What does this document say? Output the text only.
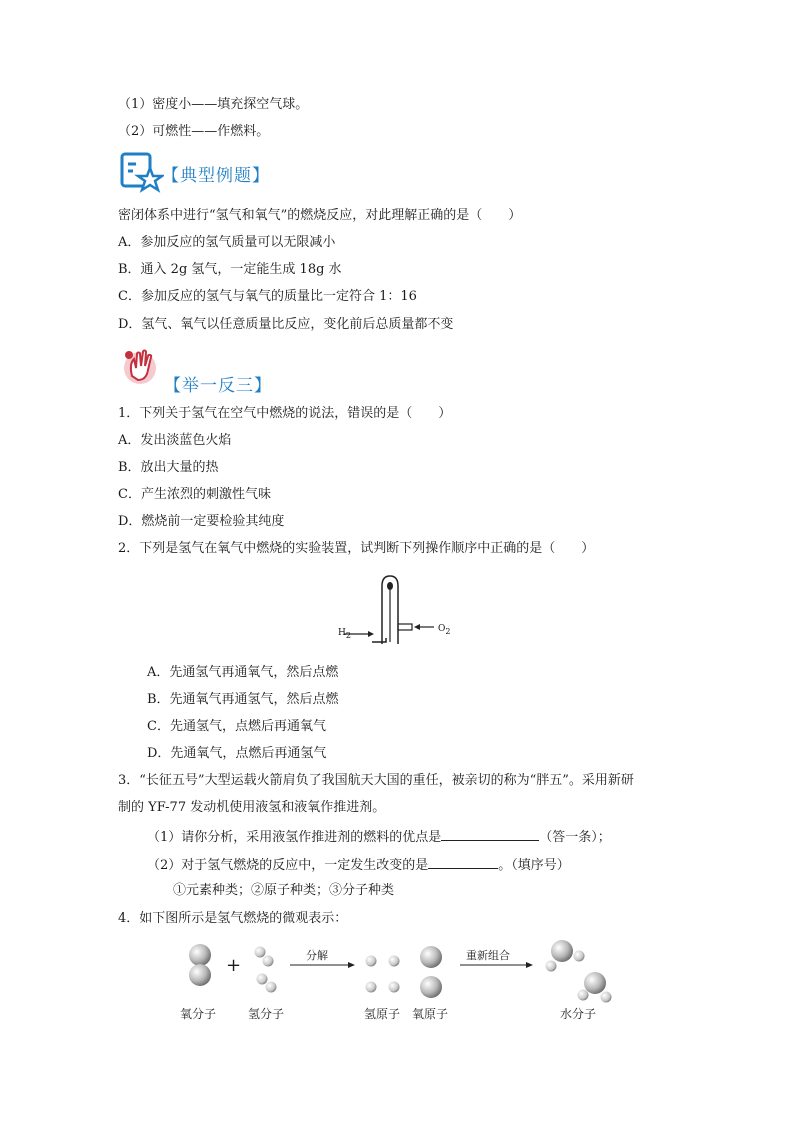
（1）密度小——填充探空气球。
（2）可燃性——作燃料。
【典型例题】
密闭体系中进行“氢气和氧气”的燃烧反应，对此理解正确的是（　　）
A．参加反应的氢气质量可以无限减小
B．通入 2g 氢气，一定能生成 18g 水
C．参加反应的氢气与氧气的质量比一定符合 1：16
D．氢气、氧气以任意质量比反应，变化前后总质量都不变
【举一反三】
1．下列关于氢气在空气中燃烧的说法，错误的是（　　）
A．发出淡蓝色火焰
B．放出大量的热
C．产生浓烈的刺激性气味
D．燃烧前一定要检验其纯度
2．下列是氢气在氧气中燃烧的实验装置，试判断下列操作顺序中正确的是（　　）
$H_2$
$O_2$
A．先通氢气再通氧气，然后点燃
B．先通氧气再通氢气，然后点燃
C．先通氢气，点燃后再通氧气
D．先通氧气，点燃后再通氢气
3．“长征五号”大型运载火箭肩负了我国航天大国的重任，被亲切的称为“胖五”。采用新研
制的 YF-77 发动机使用液氢和液氧作推进剂。
（1）请你分析，采用液氢作推进剂的燃料的优点是	（答一条）；
（2）对于氢气燃烧的反应中，一定发生改变的是	。（填序号）
①元素种类；②原子种类；③分子种类
4．如下图所示是氢气燃烧的微观表示：
+	分解	重新组合
氧分子	氢分子	氢原子 氧原子	水分子
